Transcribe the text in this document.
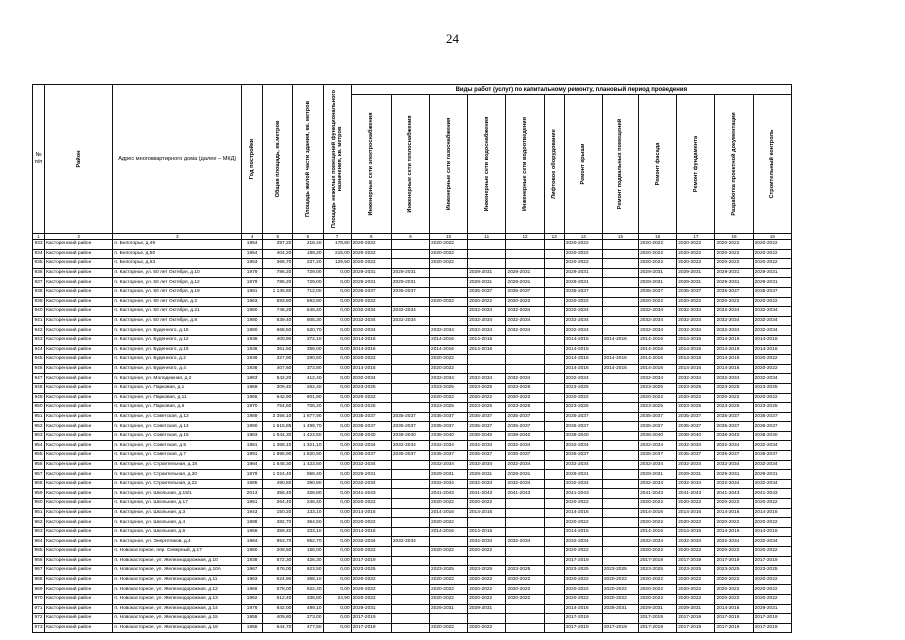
24
№ п/п	Район	Адрес многоквартирного дома (далее – МКД)	Год постройки	Общая площадь, кв.метров	Площадь жилой части здания, кв. метров	Площадь нежилых помещений функционального назначения, кв. метров	Виды работ (услуг) по капитальному ремонту, плановый период проведения											

							Инженерные сети электроснабжения	Инженерные сети теплоснабжения	Инженерные сети газоснабжения	Инженерные сети водоснабжения	Инженерные сети водоотведения	Лифтовое оборудование	Ремонт крыши	Ремонт подвальных помещений	Ремонт фасада	Ремонт фундамента	Разработка проектной документации	Строительный контроль

1	2	3	4	5	6	7	8	9	10	11	12	13	14	15	16	17	18	19
933	Касторенский район	п. Белогорье, д.49	1954	397,20	218,40	178,80	2020-2022		2020-2022				2020-2022		2020-2022	2020-2022	2020-2022	2020-2022
934	Касторенский район	п. Белогорье, д.50	1954	404,20	189,20	215,00	2020-2022		2020-2022				2020-2022		2020-2022	2020-2022	2020-2022	2020-2022
935	Касторенский район	п. Белогорье, д.53	1953	366,70	237,20	129,50	2020-2022		2020-2022				2020-2022		2020-2022	2020-2022	2020-2022	2020-2022
936	Касторенский район	п. Касторное, ул. 50 лет Октября, д.10	1979	786,20	729,00	0,00	2029-2031	2029-2031		2029-2031	2029-2031		2029-2031		2029-2031	2029-2031	2029-2031	2029-2031
937	Касторенский район	п. Касторное, ул. 50 лет Октября, д.12	1979	786,20	729,00	0,00	2029-2031	2029-2031		2029-2031	2029-2031		2029-2031		2029-2031	2029-2031	2029-2031	2029-2031
938	Касторенский район	п. Касторное, ул. 50 лет Октября, д.19	1981	1 135,60	712,00	0,00	2035-2037	2035-2037		2035-2037	2035-2037		2035-2037		2035-2037	2035-2037	2035-2037	2035-2037
939	Касторенский район	п. Касторное, ул. 50 лет Октября, д.2	1963	593,80	593,80	0,00	2020-2022		2020-2022	2020-2022	2020-2022		2020-2022		2020-2022	2020-2022	2020-2022	2020-2022
940	Касторенский район	п. Касторное, ул. 50 лет Октября, д.21	1980	746,20	645,40	0,00	2032-2034	2032-2034		2032-2034	2032-2034		2032-2034		2032-2034	2032-2034	2032-2034	2032-2034
941	Касторенский район	п. Касторное, ул. 50 лет Октября, д.8	1980	639,40	605,30	0,00	2032-2034	2032-2034		2032-2034	2032-2034		2032-2034		2032-2034	2032-2034	2032-2034	2032-2034
942	Касторенский район	п. Касторное, ул. Буденного, д.15	1980	668,50	620,70	0,00	2032-2034		2032-2034	2032-2034	2032-2034		2032-2034		2032-2034	2032-2034	2032-2034	2032-2034
943	Касторенский район	п. Касторное, ул. Буденного, д.12	1936	400,90	372,10	0,00	2014-2016		2014-2016	2014-2016			2014-2016	2014-2016	2014-2016	2014-2016	2014-2016	2014-2016
944	Касторенский район	п. Касторное, ул. Буденного, д.16	1936	361,50	356,00	0,00	2014-2016		2014-2016	2014-2016			2014-2016		2014-2016	2014-2016	2014-2016	2014-2016
945	Касторенский район	п. Касторное, ул. Буденного, д.2	1936	327,90	290,60	0,00	2020-2022		2020-2022				2014-2016	2014-2016	2014-2016	2014-2016	2014-2016	2020-2022
946	Касторенский район	п. Касторное, ул. Буденного, д.4	1936	407,60	373,80	0,00	2014-2016		2020-2022				2014-2016	2014-2016	2014-2016	2014-2016	2014-2016	2020-2022
947	Касторенский район	п. Касторное, ул. Молодежная, д.2	1983	542,20	412,40	0,00	2032-2034		2032-2034	2032-2034	2032-2034		2032-2034		2032-2034	2032-2034	2032-2034	2032-2034
948	Касторенский район	п. Касторное, ул. Парковая, д.1	1969	309,40	262,40	0,00	2023-2025		2023-2025	2023-2025	2023-2025		2023-2025		2023-2025	2023-2025	2023-2025	2023-2025
949	Касторенский район	п. Касторное, ул. Парковая, д.11	1965	642,90	601,90	0,00	2020-2022		2020-2022	2020-2022	2020-2022		2020-2022		2020-2022	2020-2022	2020-2022	2020-2022
950	Касторенский район	п. Касторное, ул. Парковая, д.6	1970	754,60	706,20	0,00	2023-2025		2023-2025	2023-2025	2023-2025		2023-2025		2023-2025	2023-2025	2023-2025	2023-2025
951	Касторенский район	п. Касторное, ул. Советская, д.12	1989	2 356,10	1 677,90	0,00	2035-2037	2035-2037	2035-2037	2035-2037	2035-2037		2035-2037		2035-2037	2035-2037	2035-2037	2035-2037
952	Касторенский район	п. Касторное, ул. Советская, д.14	1990	1 615,85	1 499,70	0,00	2035-2037	2035-2037	2035-2037	2035-2037	2035-2037		2035-2037		2035-2037	2035-2037	2035-2037	2035-2037
953	Касторенский район	п. Касторное, ул. Советская, д.16	1983	1 544,30	1 423,50	0,00	2038-2040	2038-2040	2038-2040	2038-2040	2038-2040		2038-2040		2038-2040	2038-2040	2038-2040	2038-2040
954	Касторенский район	п. Касторное, ул. Советская, д.5	1981	1 368,10	1 321,10	0,00	2032-2034	2032-2034	2032-2034	2032-2034	2032-2034		2032-2034		2032-2034	2032-2034	2032-2034	2032-2034
955	Касторенский район	п. Касторное, ул. Советская, д.7	1991	1 895,90	1 820,90	0,00	2035-2037	2035-2037	2035-2037	2035-2037	2035-2037		2035-2037		2035-2037	2035-2037	2035-2037	2035-2037
956	Касторенский район	п. Касторное, ул. Строительная, д.18	1984	1 545,30	1 423,50	0,00	2032-2034		2032-2034	2032-2034	2032-2034		2032-2034		2032-2034	2032-2034	2032-2034	2032-2034
957	Касторенский район	п. Касторное, ул. Строительная, д.20	1979	1 024,40	956,40	0,00	2029-2031		2029-2031	2029-2031	2029-2031		2029-2031		2029-2031	2029-2031	2029-2031	2029-2031
958	Касторенский район	п. Касторное, ул. Строительная, д.22	1985	490,50	390,80	0,00	2032-2034		2032-2034	2032-2034	2032-2034		2032-2034		2032-2034	2032-2034	2032-2034	2032-2034
959	Касторенский район	п. Касторное, ул. Школьная, д.15/1	2013	356,40	328,80	0,00	2041-2043		2041-2043	2041-2043	2041-2043		2041-2043		2041-2043	2041-2043	2041-2043	2041-2043
960	Касторенский район	п. Касторное, ул. Школьная, д.17	1961	264,40	246,40	0,00	2020-2022		2020-2022	2020-2022			2020-2022		2020-2022	2020-2022	2020-2022	2020-2022
961	Касторенский район	п. Касторное, ул. Школьная, д.3	1943	150,20	133,10	0,00	2014-2016		2014-2016	2014-2016			2014-2016		2014-2016	2014-2016	2014-2016	2014-2016
962	Касторенский район	п. Касторное, ул. Школьная, д.4	1988	382,70	364,50	0,00	2020-2022		2020-2022				2020-2022		2020-2022	2020-2022	2020-2022	2020-2022
963	Касторенский район	п. Касторное, ул. Школьная, д.6	1956	359,40	333,10	0,00	2014-2016		2014-2016	2014-2016			2014-2016		2014-2016	2014-2016	2014-2016	2014-2016
964	Касторенский район	п. Касторное, ул. Энергетиков, д.4	1984	953,70	952,70	0,00	2032-2034	2032-2034		2032-2034	2032-2034		2032-2034		2032-2034	2032-2034	2032-2034	2032-2034
965	Касторенский район	п. Новокасторное, пер. Северный, д.17	1960	208,50	156,00	0,00	2020-2022		2020-2022	2020-2022			2020-2022		2020-2022	2020-2022	2020-2022	2020-2022
966	Касторенский район	п. Новокасторное, ул. Железнодорожная, д.10	1938	572,30	426,30	0,00	2017-2019						2017-2019		2017-2019	2017-2019	2017-2019	2017-2019
967	Касторенский район	п. Новокасторное, ул. Железнодорожная, д.10А	1967	676,00	623,50	0,00	2023-2025		2023-2025	2023-2025	2023-2025		2023-2025	2023-2025	2023-2025	2023-2025	2023-2025	2023-2025
968	Касторенский район	п. Новокасторное, ул. Железнодорожная, д.11	1963	624,90	368,10	0,00	2020-2022		2020-2022	2020-2022	2020-2022		2020-2022	2020-2022	2020-2022	2020-2022	2020-2022	2020-2022
969	Касторенский район	п. Новокасторное, ул. Железнодорожная, д.12	1966	678,00	622,40	0,00	2020-2022		2020-2022	2020-2022	2020-2022		2020-2022	2020-2022	2020-2022	2020-2022	2020-2022	2020-2022
970	Касторенский район	п. Новокасторное, ул. Железнодорожная, д.13	1962	612,40	338,80	24,90	2020-2022		2020-2022	2020-2022	2020-2022		2020-2022	2020-2022	2020-2022	2020-2022	2020-2022	2020-2022
971	Касторенский район	п. Новокасторное, ул. Железнодорожная, д.14	1976	842,00	499,10	0,00	2029-2031		2029-2031	2029-2031			2014-2016	2029-2031	2029-2031	2029-2031	2014-2016	2029-2031
972	Касторенский район	п. Новокасторное, ул. Железнодорожная, д.15	1955	409,80	273,00	0,00	2017-2019						2017-2019		2017-2019	2017-2019	2017-2019	2017-2019
973	Касторенский район	п. Новокасторное, ул. Железнодорожная, д.16	1955	544,70	477,50	0,00	2017-2019		2020-2022	2020-2022			2017-2019	2017-2019	2017-2019	2017-2019	2017-2019	2017-2019
